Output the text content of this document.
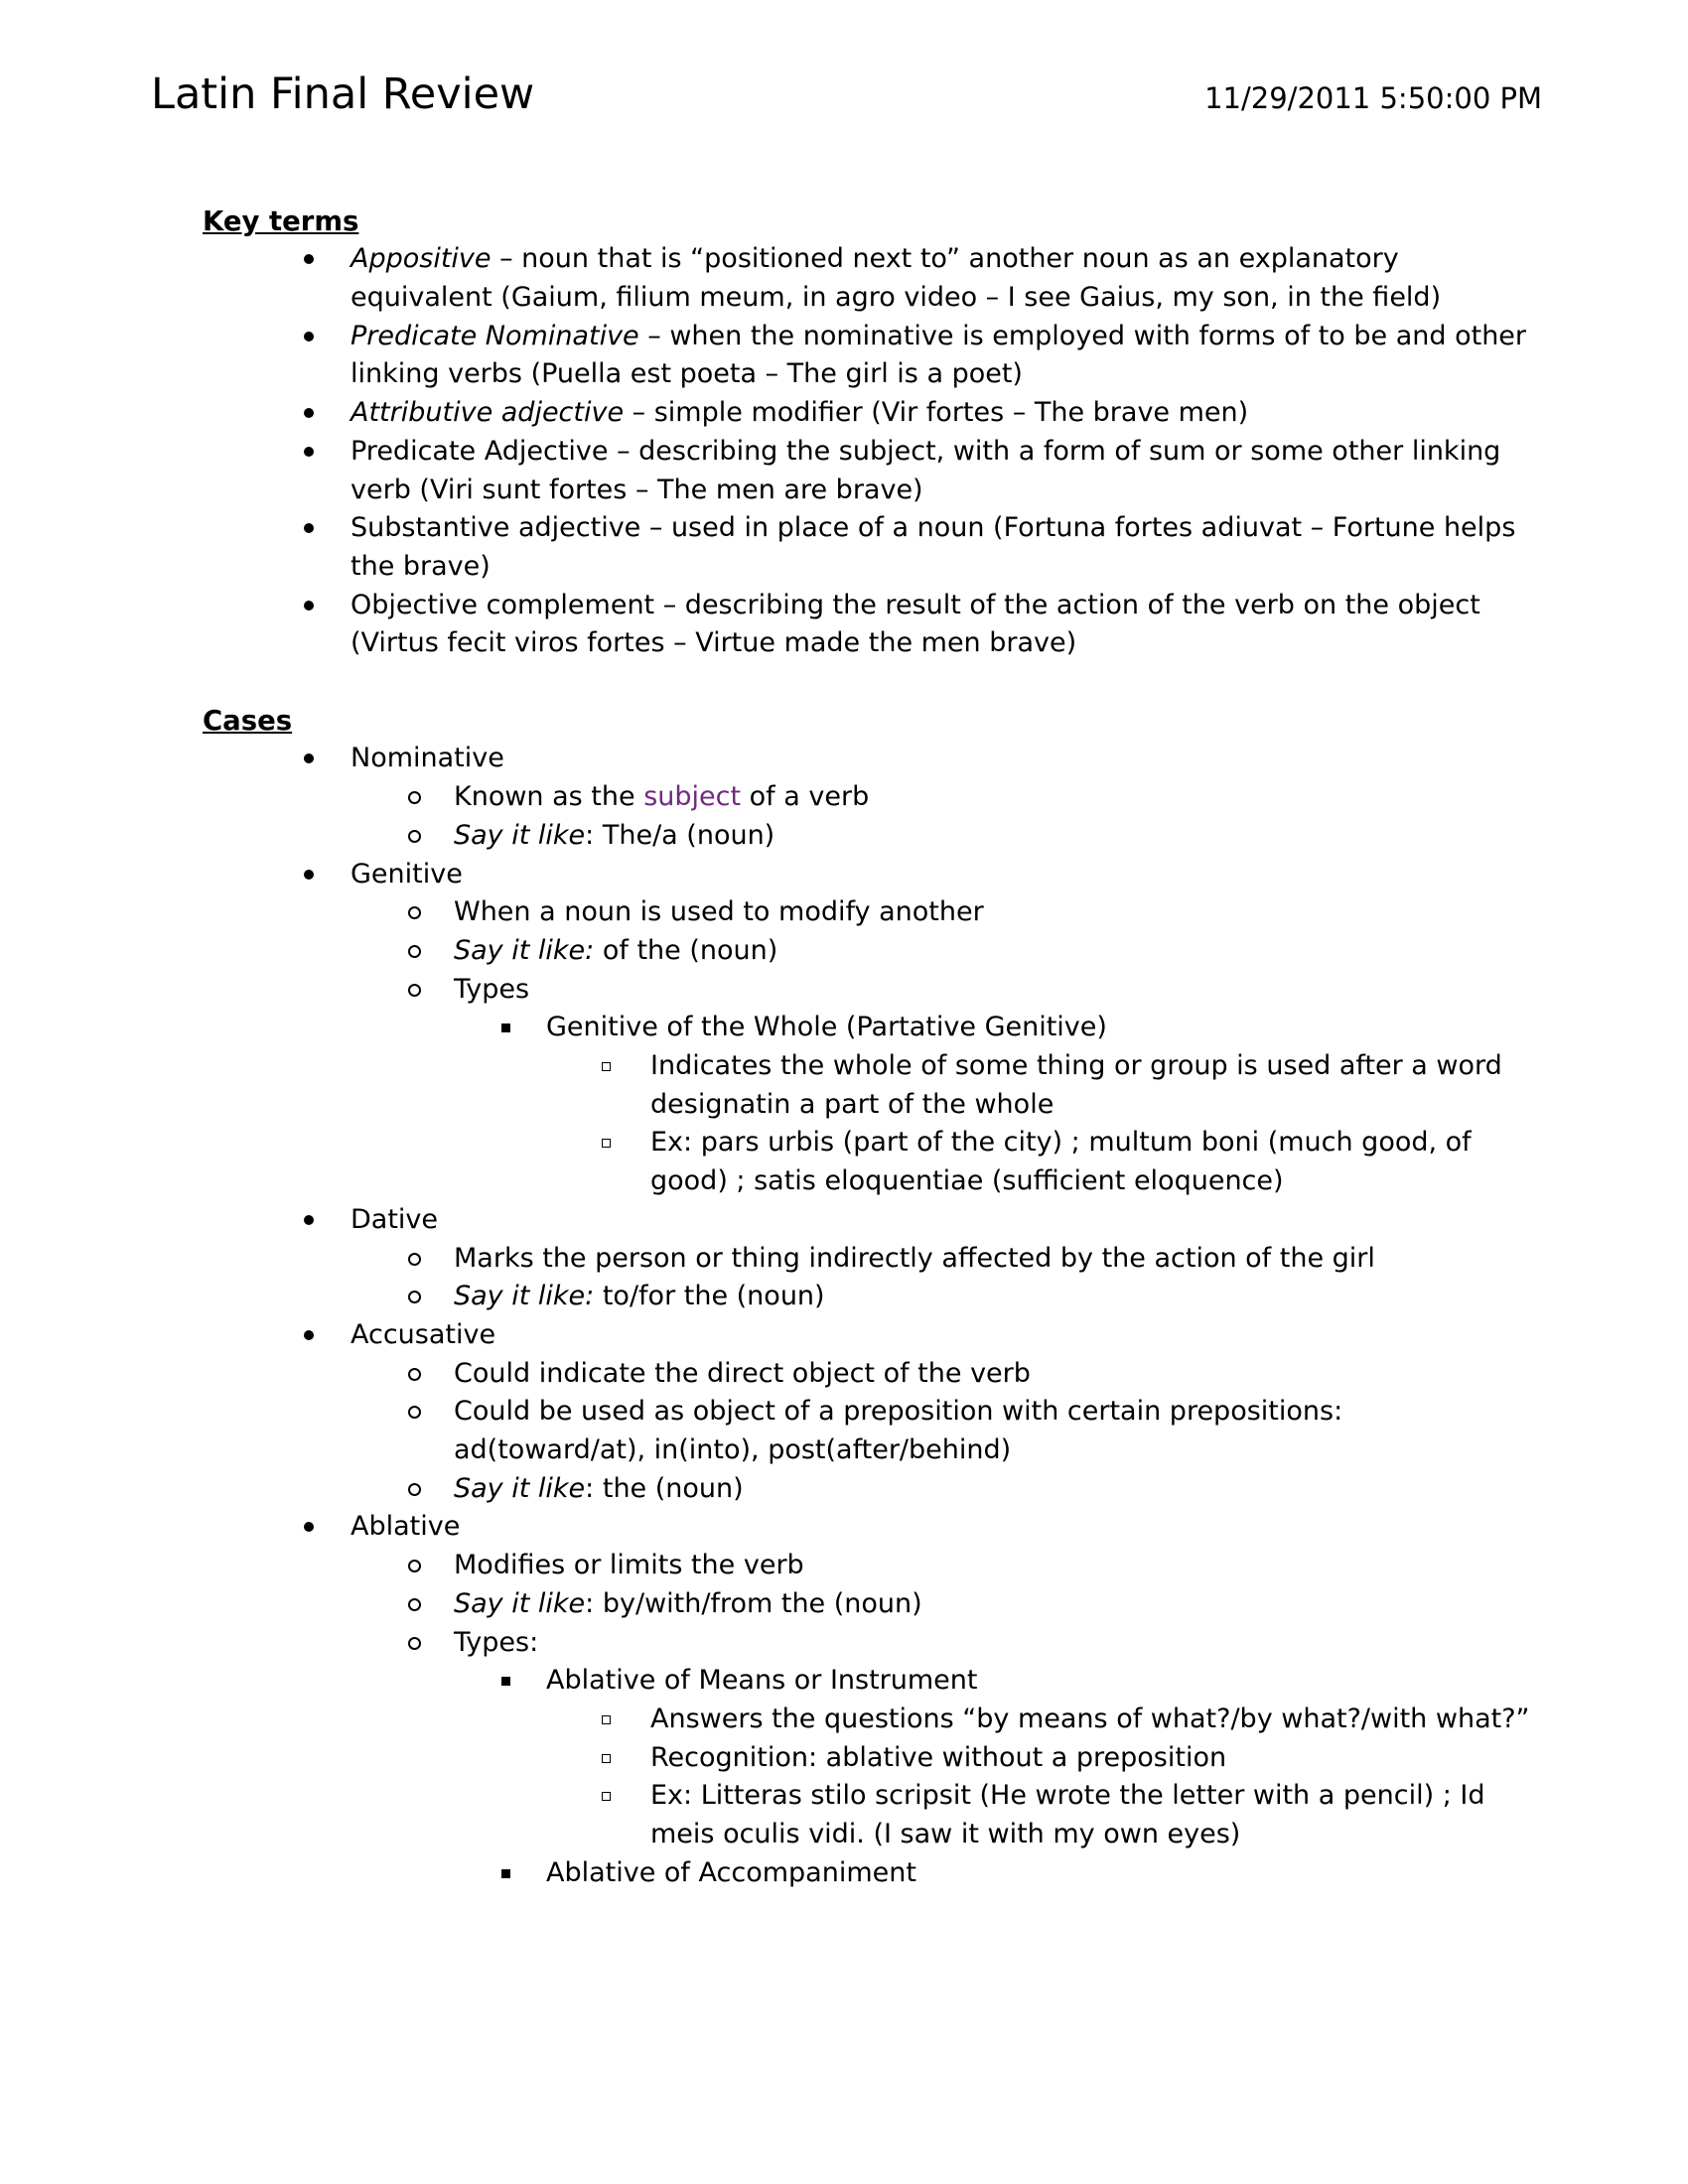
Latin Final Review	11/29/2011 5:50:00 PM
Key terms
Appositive – noun that is “positioned next to” another noun as an explanatory equivalent (Gaium, filium meum, in agro video – I see Gaius, my son, in the field)
Predicate Nominative – when the nominative is employed with forms of to be and other linking verbs (Puella est poeta – The girl is a poet)
Attributive adjective – simple modifier (Vir fortes – The brave men)
Predicate Adjective – describing the subject, with a form of sum or some other linking verb (Viri sunt fortes – The men are brave)
Substantive adjective – used in place of a noun (Fortuna fortes adiuvat – Fortune helps the brave)
Objective complement – describing the result of the action of the verb on the object (Virtus fecit viros fortes – Virtue made the men brave)
Cases
Nominative
Known as the subject of a verb
Say it like: The/a (noun)
Genitive
When a noun is used to modify another
Say it like: of the (noun)
Types
Genitive of the Whole (Partative Genitive)
Indicates the whole of some thing or group is used after a word designatin a part of the whole
Ex: pars urbis (part of the city) ; multum boni (much good, of good) ; satis eloquentiae (sufficient eloquence)
Dative
Marks the person or thing indirectly affected by the action of the girl
Say it like: to/for the (noun)
Accusative
Could indicate the direct object of the verb
Could be used as object of a preposition with certain prepositions: ad(toward/at), in(into), post(after/behind)
Say it like: the (noun)
Ablative
Modifies or limits the verb
Say it like: by/with/from the (noun)
Types:
Ablative of Means or Instrument
Answers the questions “by means of what?/by what?/with what?”
Recognition: ablative without a preposition
Ex: Litteras stilo scripsit (He wrote the letter with a pencil) ; Id meis oculis vidi. (I saw it with my own eyes)
Ablative of Accompaniment
